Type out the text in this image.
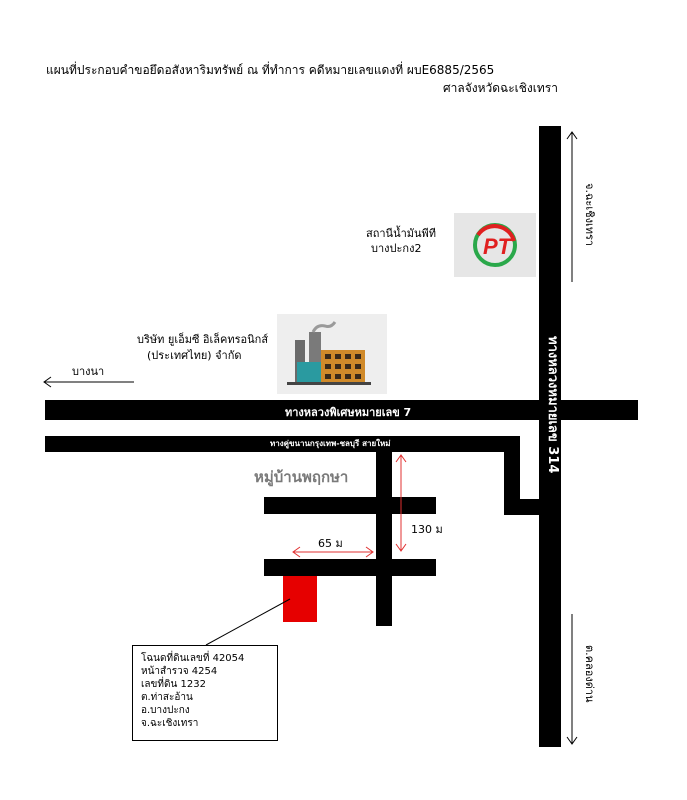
แผนที่ประกอบคำขอยึดอสังหาริมทรัพย์ ณ ที่ทำการ คดีหมายเลขแดงที่ ผบE6885/2565
ศาลจังหวัดฉะเชิงเทรา
ทางหลวงพิเศษหมายเลข 7
ทางคู่ขนานกรุงเทพ-ชลบุรี สายใหม่	ทางหลวงหมายเลข 314
สถานีน้ำมันพีที
บางปะกง2	PT
บริษัท ยูเอ็มซี อิเล็คทรอนิกส์
(ประเทศไทย) จำกัด
บางนา
จ.ฉะเชิงเทรา
ต.คลองด่าน
หมู่บ้านพฤกษา
130 ม
65 ม
โฉนดที่ดินเลขที่ 42054
หน้าสำรวจ 4254
เลขที่ดิน 1232
ต.ท่าสะอ้าน
อ.บางปะกง
จ.ฉะเชิงเทรา
